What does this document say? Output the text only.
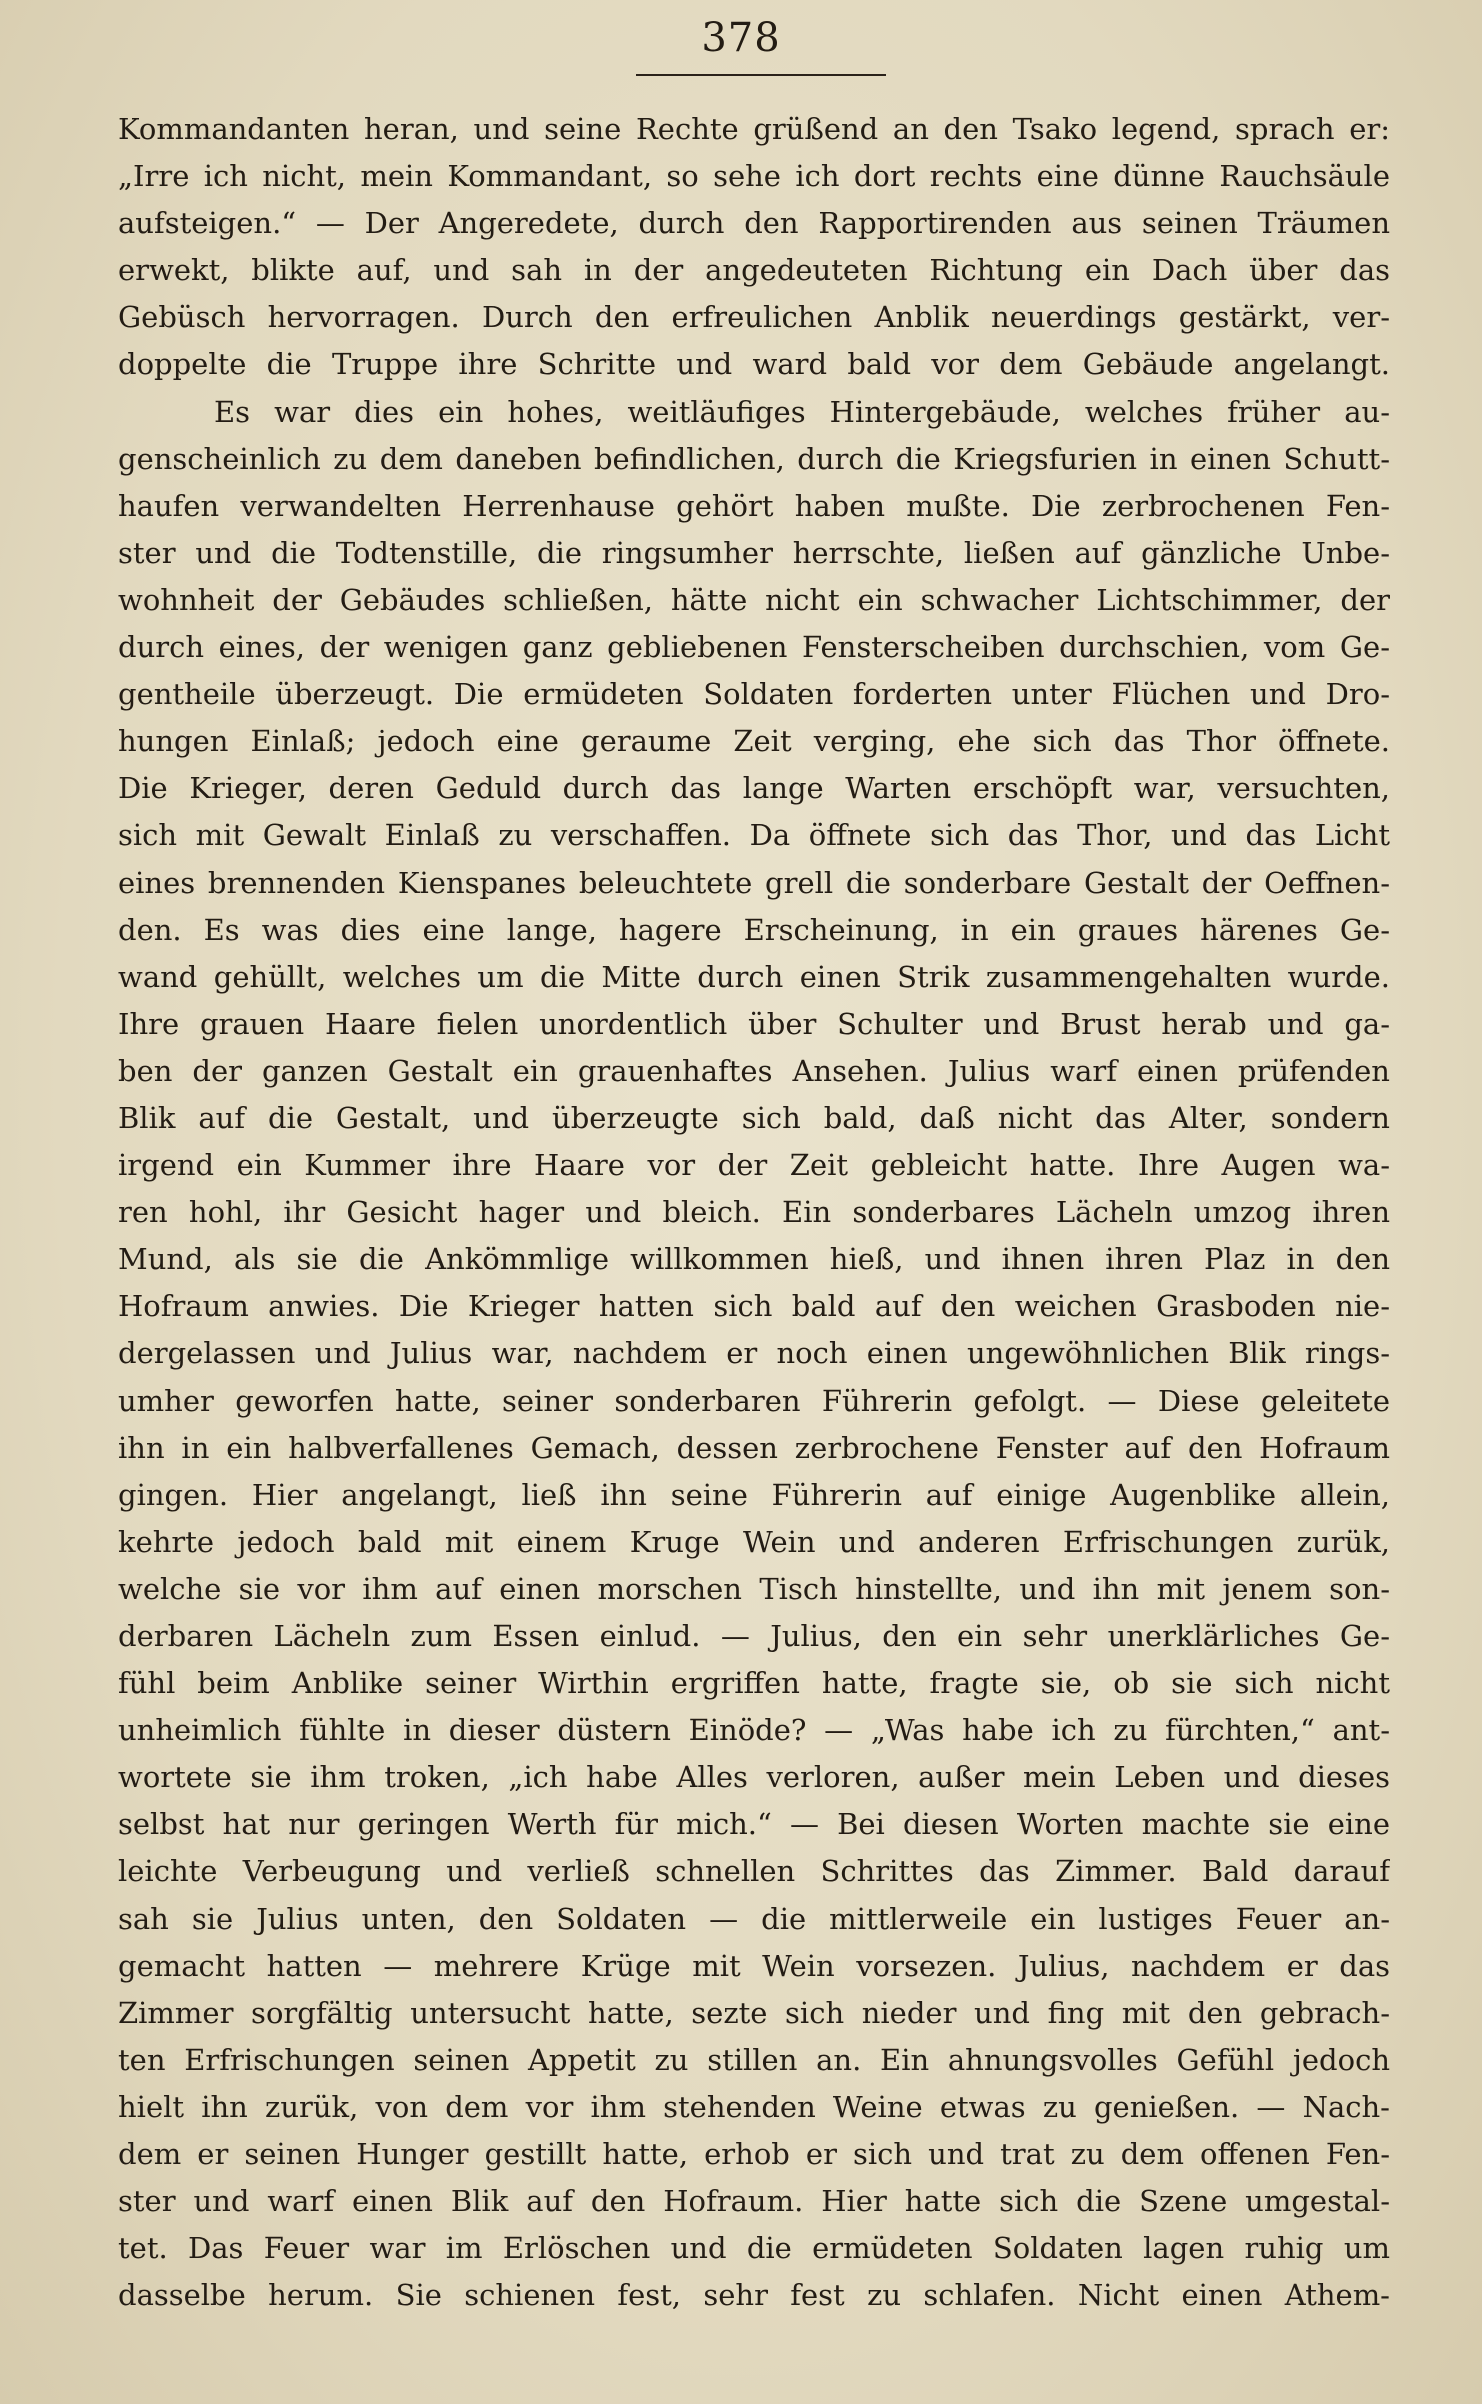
378
Kommandanten heran, und seine Rechte grüßend an den Tsako legend, sprach er:
„Irre ich nicht, mein Kommandant, so sehe ich dort rechts eine dünne Rauchsäule
aufsteigen.“ — Der Angeredete, durch den Rapportirenden aus seinen Träumen
erwekt, blikte auf, und sah in der angedeuteten Richtung ein Dach über das
Gebüsch hervorragen. Durch den erfreulichen Anblik neuerdings gestärkt, ver-
doppelte die Truppe ihre Schritte und ward bald vor dem Gebäude angelangt.
Es war dies ein hohes, weitläufiges Hintergebäude, welches früher au-
genscheinlich zu dem daneben befindlichen, durch die Kriegsfurien in einen Schutt-
haufen verwandelten Herrenhause gehört haben mußte. Die zerbrochenen Fen-
ster und die Todtenstille, die ringsumher herrschte, ließen auf gänzliche Unbe-
wohnheit der Gebäudes schließen, hätte nicht ein schwacher Lichtschimmer, der
durch eines, der wenigen ganz gebliebenen Fensterscheiben durchschien, vom Ge-
gentheile überzeugt. Die ermüdeten Soldaten forderten unter Flüchen und Dro-
hungen Einlaß; jedoch eine geraume Zeit verging, ehe sich das Thor öffnete.
Die Krieger, deren Geduld durch das lange Warten erschöpft war, versuchten,
sich mit Gewalt Einlaß zu verschaffen. Da öffnete sich das Thor, und das Licht
eines brennenden Kienspanes beleuchtete grell die sonderbare Gestalt der Oeffnen-
den. Es was dies eine lange, hagere Erscheinung, in ein graues härenes Ge-
wand gehüllt, welches um die Mitte durch einen Strik zusammengehalten wurde.
Ihre grauen Haare fielen unordentlich über Schulter und Brust herab und ga-
ben der ganzen Gestalt ein grauenhaftes Ansehen. Julius warf einen prüfenden
Blik auf die Gestalt, und überzeugte sich bald, daß nicht das Alter, sondern
irgend ein Kummer ihre Haare vor der Zeit gebleicht hatte. Ihre Augen wa-
ren hohl, ihr Gesicht hager und bleich. Ein sonderbares Lächeln umzog ihren
Mund, als sie die Ankömmlige willkommen hieß, und ihnen ihren Plaz in den
Hofraum anwies. Die Krieger hatten sich bald auf den weichen Grasboden nie-
dergelassen und Julius war, nachdem er noch einen ungewöhnlichen Blik rings-
umher geworfen hatte, seiner sonderbaren Führerin gefolgt. — Diese geleitete
ihn in ein halbverfallenes Gemach, dessen zerbrochene Fenster auf den Hofraum
gingen. Hier angelangt, ließ ihn seine Führerin auf einige Augenblike allein,
kehrte jedoch bald mit einem Kruge Wein und anderen Erfrischungen zurük,
welche sie vor ihm auf einen morschen Tisch hinstellte, und ihn mit jenem son-
derbaren Lächeln zum Essen einlud. — Julius, den ein sehr unerklärliches Ge-
fühl beim Anblike seiner Wirthin ergriffen hatte, fragte sie, ob sie sich nicht
unheimlich fühlte in dieser düstern Einöde? — „Was habe ich zu fürchten,“ ant-
wortete sie ihm troken, „ich habe Alles verloren, außer mein Leben und dieses
selbst hat nur geringen Werth für mich.“ — Bei diesen Worten machte sie eine
leichte Verbeugung und verließ schnellen Schrittes das Zimmer. Bald darauf
sah sie Julius unten, den Soldaten — die mittlerweile ein lustiges Feuer an-
gemacht hatten — mehrere Krüge mit Wein vorsezen. Julius, nachdem er das
Zimmer sorgfältig untersucht hatte, sezte sich nieder und fing mit den gebrach-
ten Erfrischungen seinen Appetit zu stillen an. Ein ahnungsvolles Gefühl jedoch
hielt ihn zurük, von dem vor ihm stehenden Weine etwas zu genießen. — Nach-
dem er seinen Hunger gestillt hatte, erhob er sich und trat zu dem offenen Fen-
ster und warf einen Blik auf den Hofraum. Hier hatte sich die Szene umgestal-
tet. Das Feuer war im Erlöschen und die ermüdeten Soldaten lagen ruhig um
dasselbe herum. Sie schienen fest, sehr fest zu schlafen. Nicht einen Athem-
